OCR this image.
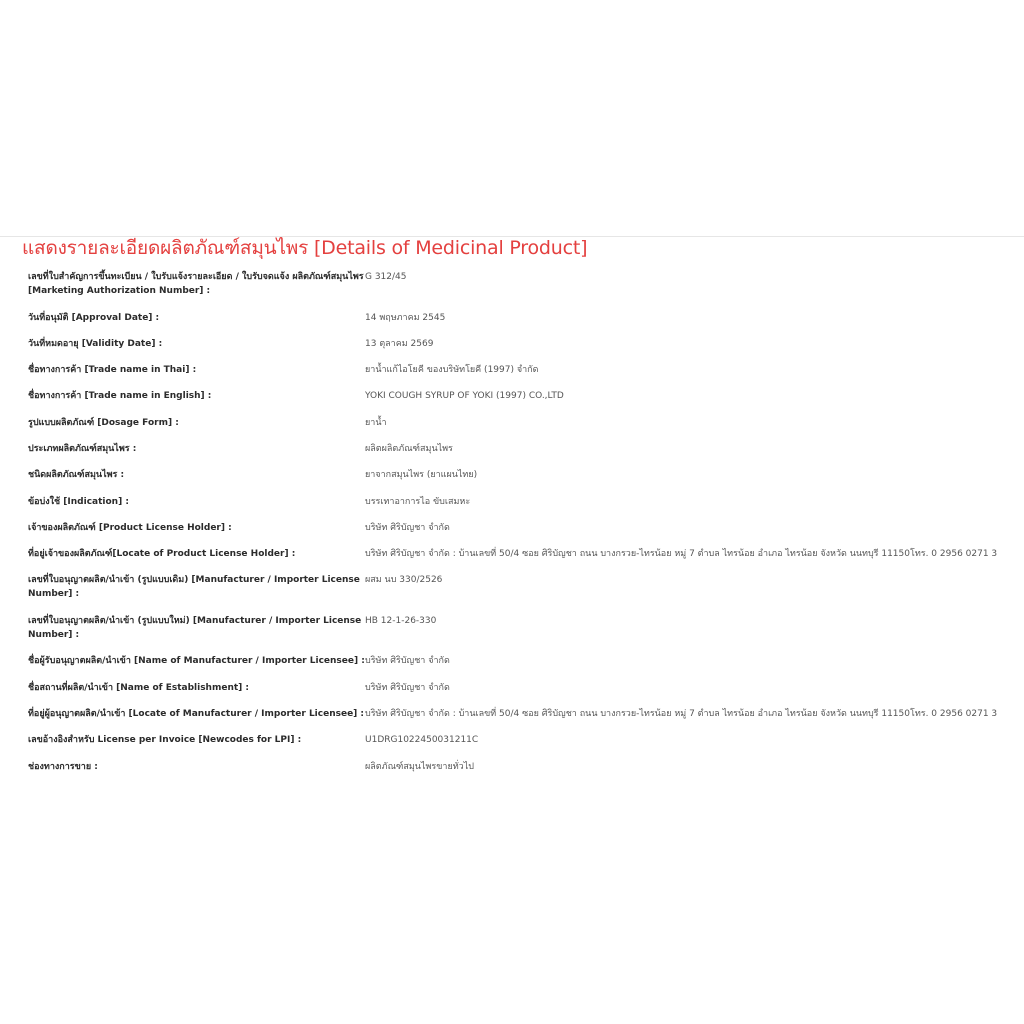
แสดงรายละเอียดผลิตภัณฑ์สมุนไพร [Details of Medicinal Product]
เลขที่ใบสำคัญการขึ้นทะเบียน / ใบรับแจ้งรายละเอียด / ใบรับจดแจ้ง ผลิตภัณฑ์สมุนไพร [Marketing Authorization Number] :
G 312/45
วันที่อนุมัติ [Approval Date] :	14 พฤษภาคม 2545
วันที่หมดอายุ [Validity Date] :	13 ตุลาคม 2569
ชื่อทางการค้า [Trade name in Thai] :	ยาน้ำแก้ไอโยคี ของบริษัทโยคี (1997) จำกัด
ชื่อทางการค้า [Trade name in English] :	YOKI COUGH SYRUP OF YOKI (1997) CO.,LTD
รูปแบบผลิตภัณฑ์ [Dosage Form] :	ยาน้ำ
ประเภทผลิตภัณฑ์สมุนไพร :	ผลิตผลิตภัณฑ์สมุนไพร
ชนิดผลิตภัณฑ์สมุนไพร :	ยาจากสมุนไพร (ยาแผนไทย)
ข้อบ่งใช้ [Indication] :	บรรเทาอาการไอ ขับเสมหะ
เจ้าของผลิตภัณฑ์ [Product License Holder] :	บริษัท ศิริบัญชา จำกัด
ที่อยู่เจ้าของผลิตภัณฑ์[Locate of Product License Holder] :	บริษัท ศิริบัญชา จำกัด : บ้านเลขที่ 50/4 ซอย ศิริบัญชา ถนน บางกรวย-ไทรน้อย หมู่ 7 ตำบล ไทรน้อย อำเภอ ไทรน้อย จังหวัด นนทบุรี 11150โทร. 0 2956 0271 3
เลขที่ใบอนุญาตผลิต/นำเข้า (รูปแบบเดิม) [Manufacturer / Importer License Number] :
ผสม นบ 330/2526
เลขที่ใบอนุญาตผลิต/นำเข้า (รูปแบบใหม่) [Manufacturer / Importer License Number] :
HB 12-1-26-330
ชื่อผู้รับอนุญาตผลิต/นำเข้า [Name of Manufacturer / Importer Licensee] : บริษัท ศิริบัญชา จำกัด
ชื่อสถานที่ผลิต/นำเข้า [Name of Establishment] :	บริษัท ศิริบัญชา จำกัด
ที่อยู่ผู้อนุญาตผลิต/นำเข้า [Locate of Manufacturer / Importer Licensee] : บริษัท ศิริบัญชา จำกัด : บ้านเลขที่ 50/4 ซอย ศิริบัญชา ถนน บางกรวย-ไทรน้อย หมู่ 7 ตำบล ไทรน้อย อำเภอ ไทรน้อย จังหวัด นนทบุรี 11150โทร. 0 2956 0271 3
เลขอ้างอิงสำหรับ License per Invoice [Newcodes for LPI] :	U1DRG1022450031211C
ช่องทางการขาย :	ผลิตภัณฑ์สมุนไพรขายทั่วไป
